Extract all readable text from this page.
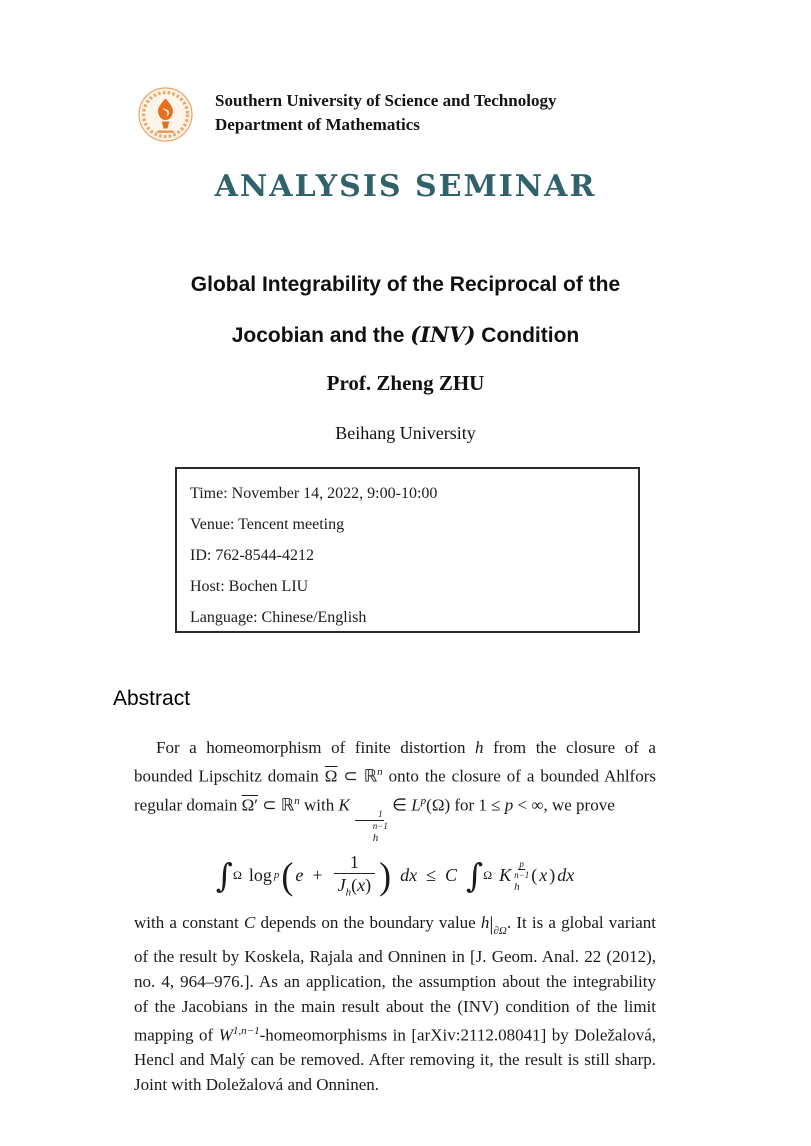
Southern University of Science and Technology
Department of Mathematics
ANALYSIS SEMINAR
Global Integrability of the Reciprocal of the
Jocobian and the (INV) Condition
Prof. Zheng ZHU
Beihang University
Time: November 14, 2022, 9:00-10:00
Venue: Tencent meeting
ID: 762-8544-4212
Host: Bochen LIU
Language: Chinese/English
Abstract

For a homeomorphism of finite distortion h from the closure of a bounded Lipschitz domain $\overline{\Omega}$ ⊂ ℝ$^n$ onto the closure of a bounded Ahlfors regular domain Ω′ ⊂ ℝ$^n$ with K	1
n−1
h
∈ $L^p(\Omega)$ for 1 ≤ p < ∞, we prove

∫ Ω log p ( $e + \frac{1}{J_h(x)}$ ) dx ≤ C ∫ Ω K
p
n−1
h
( x ) dx

with a constant C depends on the boundary value $h|_{\partial\Omega}$. It is a global variant of the result by Koskela, Rajala and Onninen in [J. Geom. Anal. 22 (2012), no. 4, 964–976.]. As an application, the assumption about the integrability of the Jacobians in the main result about the (INV) condition of the limit mapping of $W^{1,n-1}$-homeomorphisms in [arXiv:2112.08041] by Doležalová, Hencl and Malý can be removed. After removing it, the result is still sharp. Joint with Doležalová and Onninen.
